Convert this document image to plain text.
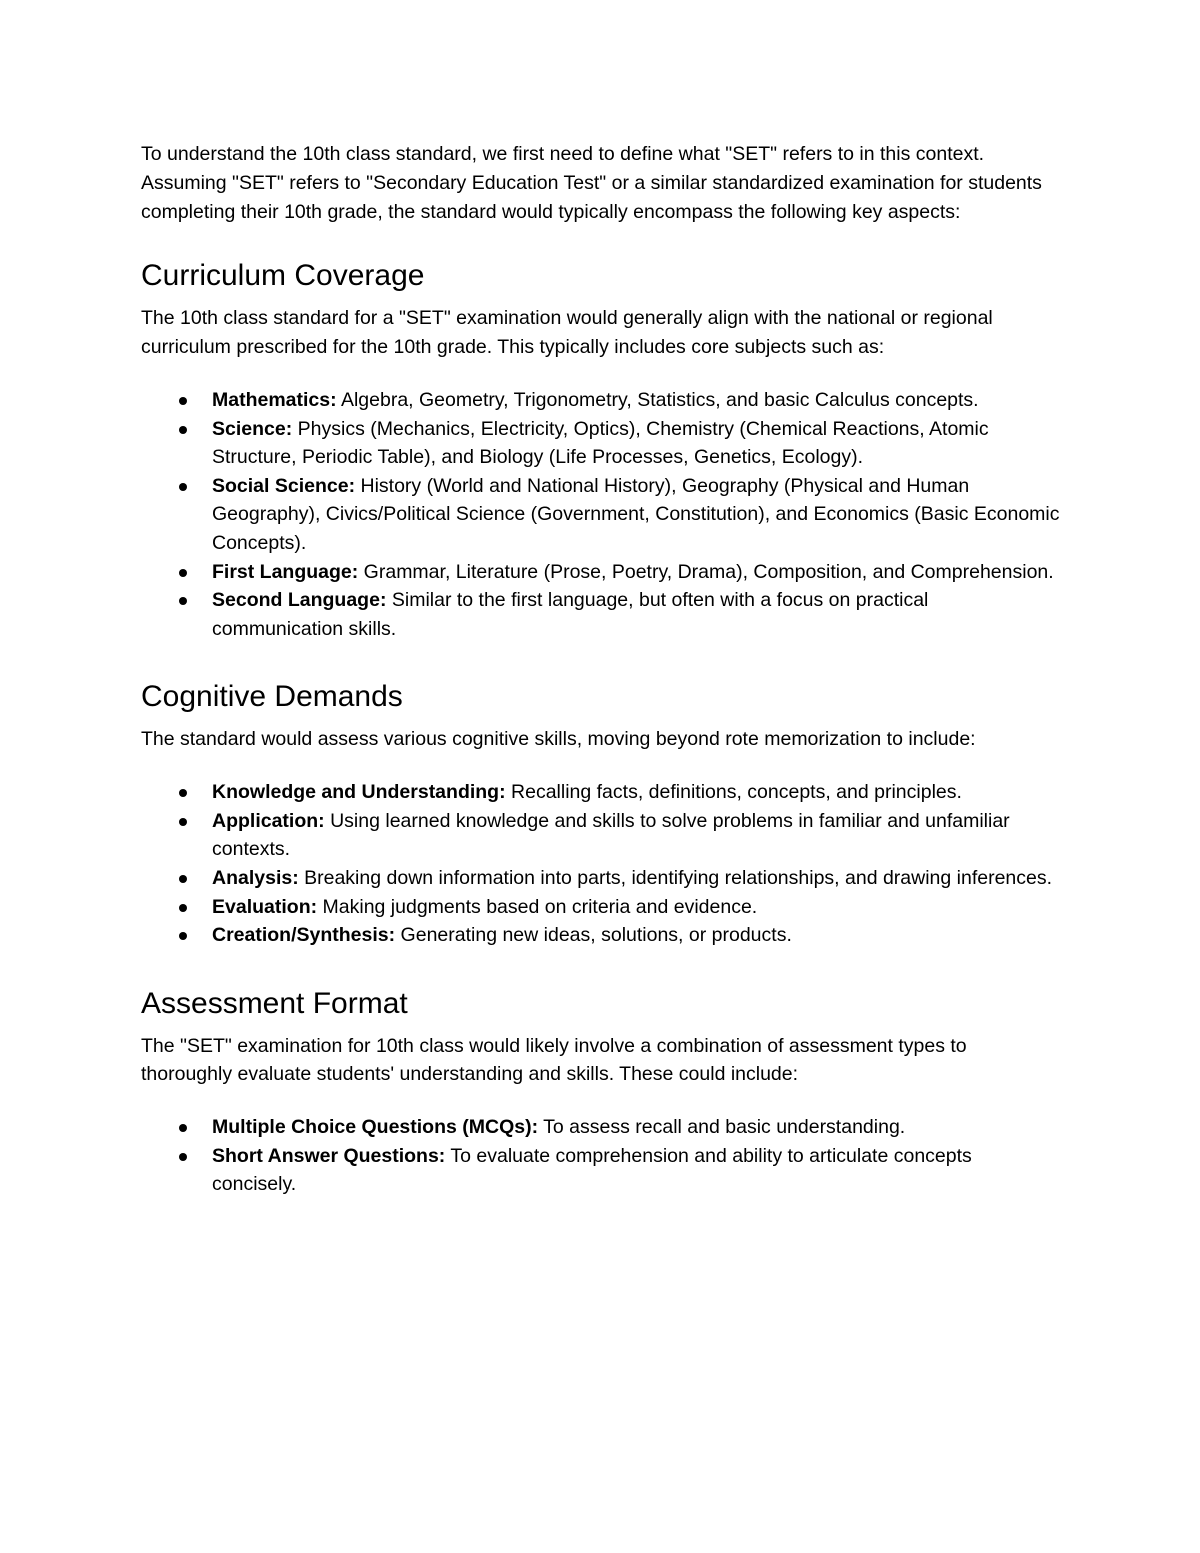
To understand the 10th class standard, we first need to define what "SET" refers to in this context. Assuming "SET" refers to "Secondary Education Test" or a similar standardized examination for students completing their 10th grade, the standard would typically encompass the following key aspects:

Curriculum Coverage

The 10th class standard for a "SET" examination would generally align with the national or regional curriculum prescribed for the 10th grade. This typically includes core subjects such as:

Mathematics: Algebra, Geometry, Trigonometry, Statistics, and basic Calculus concepts.
Science: Physics (Mechanics, Electricity, Optics), Chemistry (Chemical Reactions, Atomic Structure, Periodic Table), and Biology (Life Processes, Genetics, Ecology).
Social Science: History (World and National History), Geography (Physical and Human Geography), Civics/Political Science (Government, Constitution), and Economics (Basic Economic Concepts).
First Language: Grammar, Literature (Prose, Poetry, Drama), Composition, and Comprehension.
Second Language: Similar to the first language, but often with a focus on practical communication skills.
Cognitive Demands

The standard would assess various cognitive skills, moving beyond rote memorization to include:

Knowledge and Understanding: Recalling facts, definitions, concepts, and principles.
Application: Using learned knowledge and skills to solve problems in familiar and unfamiliar contexts.
Analysis: Breaking down information into parts, identifying relationships, and drawing inferences.
Evaluation: Making judgments based on criteria and evidence.
Creation/Synthesis: Generating new ideas, solutions, or products.
Assessment Format

The "SET" examination for 10th class would likely involve a combination of assessment types to thoroughly evaluate students' understanding and skills. These could include:

Multiple Choice Questions (MCQs): To assess recall and basic understanding.
Short Answer Questions: To evaluate comprehension and ability to articulate concepts concisely.
